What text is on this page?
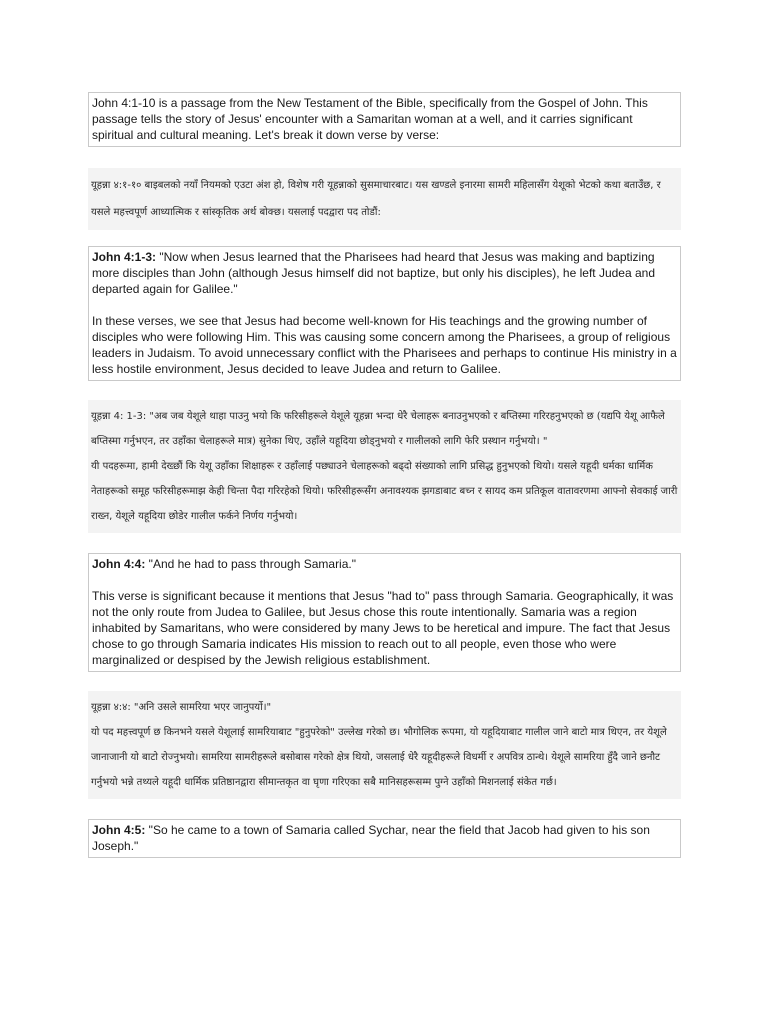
John 4:1-10 is a passage from the New Testament of the Bible, specifically from the Gospel of John. This passage tells the story of Jesus' encounter with a Samaritan woman at a well, and it carries significant spiritual and cultural meaning. Let's break it down verse by verse:

यूहन्ना ४:१-१० बाइबलको नयाँ नियमको एउटा अंश हो, विशेष गरी यूहन्नाको सुसमाचारबाट। यस खण्डले इनारमा सामरी महिलासँग येशूको भेटको कथा बताउँछ, र यसले महत्त्वपूर्ण आध्यात्मिक र सांस्कृतिक अर्थ बोक्छ। यसलाई पदद्वारा पद तोडौं:

John 4:1-3: "Now when Jesus learned that the Pharisees had heard that Jesus was making and baptizing more disciples than John (although Jesus himself did not baptize, but only his disciples), he left Judea and departed again for Galilee."

In these verses, we see that Jesus had become well-known for His teachings and the growing number of disciples who were following Him. This was causing some concern among the Pharisees, a group of religious leaders in Judaism. To avoid unnecessary conflict with the Pharisees and perhaps to continue His ministry in a less hostile environment, Jesus decided to leave Judea and return to Galilee.

यूहन्ना 4: 1-3: "अब जब येशूले थाहा पाउनु भयो कि फरिसीहरूले येशूले यूहन्ना भन्दा धेरै चेलाहरू बनाउनुभएको र बप्तिस्मा गरिरहनुभएको छ (यद्यपि येशू आफैले बप्तिस्मा गर्नुभएन, तर उहाँका चेलाहरूले मात्र) सुनेका थिए, उहाँले यहूदिया छोड्नुभयो र गालीलको लागि फेरि प्रस्थान गर्नुभयो। "

यी पदहरूमा, हामी देख्छौं कि येशू उहाँका शिक्षाहरू र उहाँलाई पछ्याउने चेलाहरूको बढ्दो संख्याको लागि प्रसिद्ध हुनुभएको थियो। यसले यहूदी धर्मका धार्मिक नेताहरूको समूह फरिसीहरूमाझ केही चिन्ता पैदा गरिरहेको थियो। फरिसीहरूसँग अनावश्यक झगडाबाट बच्न र सायद कम प्रतिकूल वातावरणमा आफ्नो सेवकाई जारी राख्न, येशूले यहूदिया छोडेर गालील फर्कने निर्णय गर्नुभयो।

John 4:4: "And he had to pass through Samaria."

This verse is significant because it mentions that Jesus "had to" pass through Samaria. Geographically, it was not the only route from Judea to Galilee, but Jesus chose this route intentionally. Samaria was a region inhabited by Samaritans, who were considered by many Jews to be heretical and impure. The fact that Jesus chose to go through Samaria indicates His mission to reach out to all people, even those who were marginalized or despised by the Jewish religious establishment.

यूहन्ना ४:४: "अनि उसले सामरिया भएर जानुपर्यो।"

यो पद महत्त्वपूर्ण छ किनभने यसले येशूलाई सामरियाबाट "हुनुपरेको" उल्लेख गरेको छ। भौगोलिक रूपमा, यो यहूदियाबाट गालील जाने बाटो मात्र थिएन, तर येशूले जानाजानी यो बाटो रोज्नुभयो। सामरिया सामरीहरूले बसोबास गरेको क्षेत्र थियो, जसलाई धेरै यहूदीहरूले विधर्मी र अपवित्र ठान्थे। येशूले सामरिया हुँदै जाने छनौट गर्नुभयो भन्ने तथ्यले यहूदी धार्मिक प्रतिष्ठानद्वारा सीमान्तकृत वा घृणा गरिएका सबै मानिसहरूसम्म पुग्ने उहाँको मिशनलाई संकेत गर्छ।

John 4:5: "So he came to a town of Samaria called Sychar, near the field that Jacob had given to his son Joseph."
